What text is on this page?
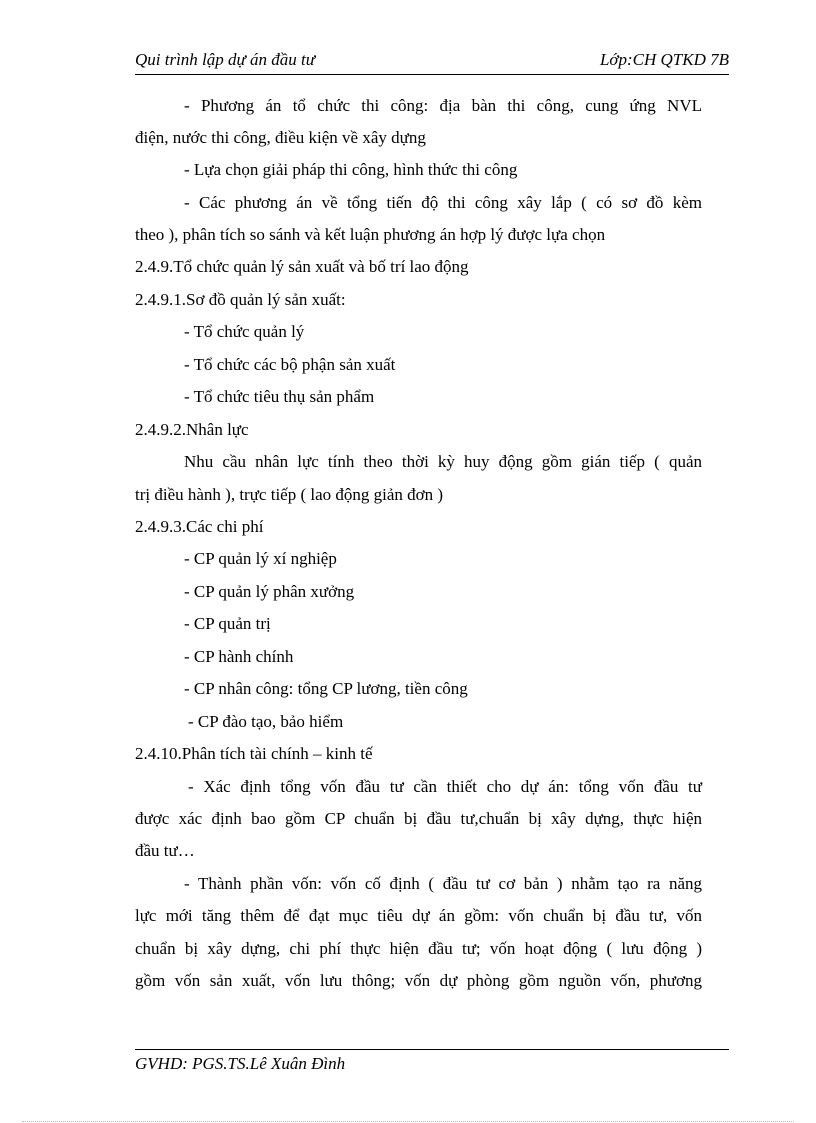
Qui trình lập dự án đầu tư	Lớp:CH QTKD 7B
- Phương án tổ chức thi công: địa bàn thi công, cung ứng NVL
điện, nước thi công, điều kiện về xây dựng
- Lựa chọn giải pháp thi công, hình thức thi công
- Các phương án về tổng tiến độ thi công xây lắp ( có sơ đồ kèm
theo ), phân tích so sánh và kết luận phương án hợp lý được lựa chọn
2.4.9.Tổ chức quản lý sản xuất và bố trí lao động
2.4.9.1.Sơ đồ quản lý sản xuất:
- Tổ chức quản lý
- Tổ chức các bộ phận sản xuất
- Tổ chức tiêu thụ sản phẩm
2.4.9.2.Nhân lực
Nhu cầu nhân lực tính theo thời kỳ huy động gồm gián tiếp ( quản
trị điều hành ), trực tiếp ( lao động giản đơn )
2.4.9.3.Các chi phí
- CP quản lý xí nghiệp
- CP quản lý phân xưởng
- CP quản trị
- CP hành chính
- CP nhân công: tổng CP lương, tiền công
- CP đào tạo, bảo hiểm
2.4.10.Phân tích tài chính – kinh tế
- Xác định tổng vốn đầu tư cần thiết cho dự án: tổng vốn đầu tư
được xác định bao gồm CP chuẩn bị đầu tư,chuẩn bị xây dựng, thực hiện
đầu tư…
- Thành phần vốn: vốn cố định ( đầu tư cơ bản ) nhằm tạo ra năng
lực mới tăng thêm để đạt mục tiêu dự án gồm: vốn chuẩn bị đầu tư, vốn
chuẩn bị xây dựng, chi phí thực hiện đầu tư; vốn hoạt động ( lưu động )
gồm vốn sản xuất, vốn lưu thông; vốn dự phòng gồm nguồn vốn, phương
GVHD: PGS.TS.Lê Xuân Đình
